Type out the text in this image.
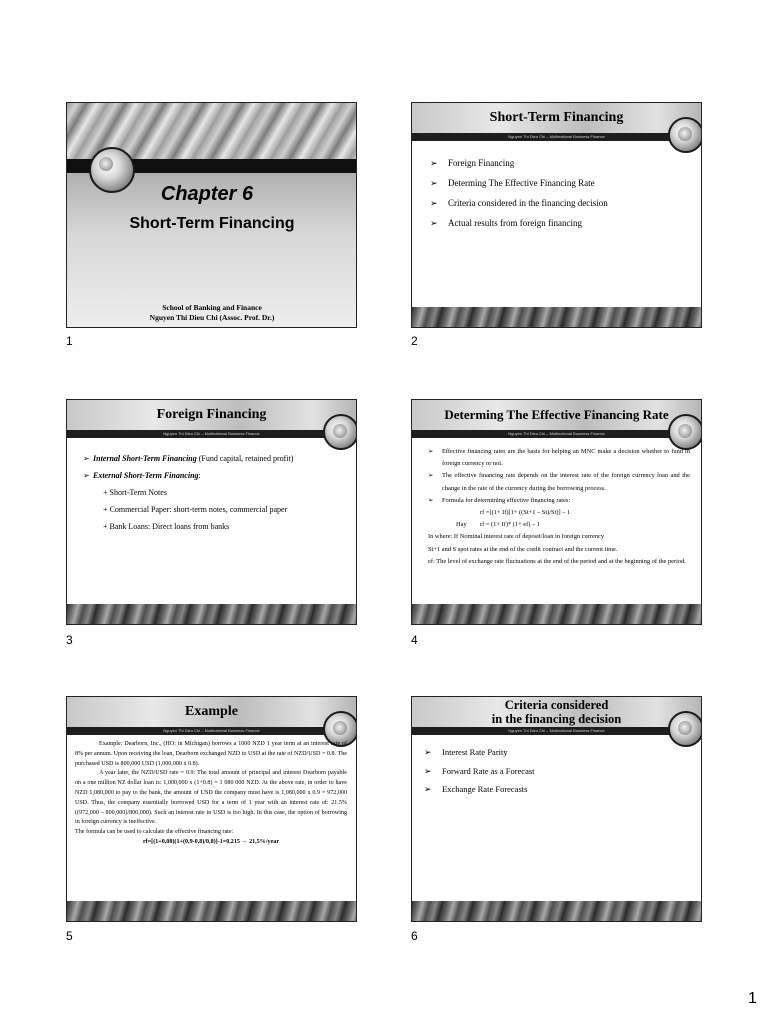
Chapter 6
Short-Term Financing
School of Banking and Finance
Nguyen Thi Dieu Chi (Assoc. Prof. Dr.)
1
Short-Term Financing
Nguyen Thi Dieu Chi – Multinational Business Finance
➢ Foreign Financing
➢ Determing The Effective Financing Rate
➢ Criteria considered in the financing decision
➢ Actual results from foreign financing
2
Foreign Financing
Nguyen Thi Dieu Chi – Multinational Business Finance
➢ Internal Short-Term Financing (Fund capital, retained profit)
➢ External Short-Term Financing:
+ Short-Term Notes
+ Commercial Paper: short-term notes, commercial paper
+ Bank Loans: Direct loans from banks
3
Determing The Effective Financing Rate
Nguyen Thi Dieu Chi – Multinational Business Finance
➢ Effective financing rates are the basis for helping an MNC make a decision whether to fund in foreign currency or not.
➢ The effective financing rate depends on the interest rate of the foreign currency loan and the change in the rate of the currency during the borrowing process.
➢ Formula for determining effective financing rates:
rf =[(1+ If)[1+ ((St+1 – St)/St)] – 1
Hay rf = (1+ If)* (1+ ef) – 1
In where: If Nominal interest rate of deposit/loan in foreign currency
St+1 and S spot rates at the end of the credit contract and the current time.
ef: The level of exchange rate fluctuations at the end of the period and at the beginning of the period.
4
Example
Nguyen Thi Dieu Chi – Multinational Business Finance
Example: Dearborn, Inc., (HO: in Michigan) borrows a 1000 NZD 1 year term at an interest rate of 8% per annum. Upon receiving the loan, Dearborn exchanged NZD to USD at the rate of NZD/USD = 0.8. The purchased USD is 800,000 USD (1,000,000 x 0.8).
A year later, the NZD/USD rate = 0.9: The total amount of principal and interest Dearborn payable on a one million NZ dollar loan is: 1,000,000 x (1+0.8) = 1 080 000 NZD. At the above rate, in order to have NZD 1,080,000 to pay to the bank, the amount of USD the company must have is 1,080,000 x 0.9 = 972,000 USD. Thus, the company essentially borrowed USD for a term of 1 year with an interest rate of: 21.5% ((972,000 – 800,000)/800,000). Such an interest rate in USD is too high. In this case, the option of borrowing in foreign currency is ineffective.
The formula can be used to calculate the effective financing rate:
rf=[(1+0,08)(1+(0,9-0,8)/0,8)]-1=0,215 ⇔ 21,5%/year
5
Criteria considered
in the financing decision
Nguyen Thi Dieu Chi – Multinational Business Finance
➢ Interest Rate Parity
➢ Forward Rate as a Forecast
➢ Exchange Rate Forecasts
6
1
